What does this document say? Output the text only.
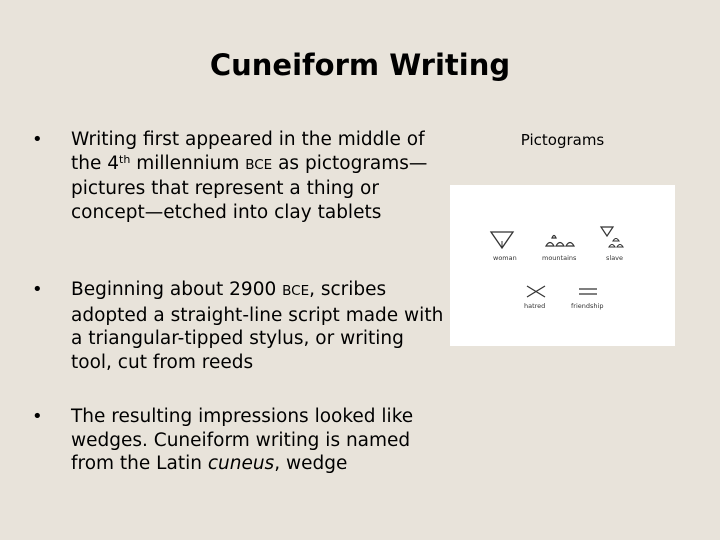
Cuneiform Writing
• Writing first appeared in the middle of the 4th millennium BCE as pictograms—pictures that represent a thing or concept—etched into clay tablets
• Beginning about 2900 BCE, scribes adopted a straight-line script made with a triangular-tipped stylus, or writing tool, cut from reeds
• The resulting impressions looked like wedges. Cuneiform writing is named from the Latin cuneus, wedge
Pictograms
woman	mountains	slave
hatred	friendship
